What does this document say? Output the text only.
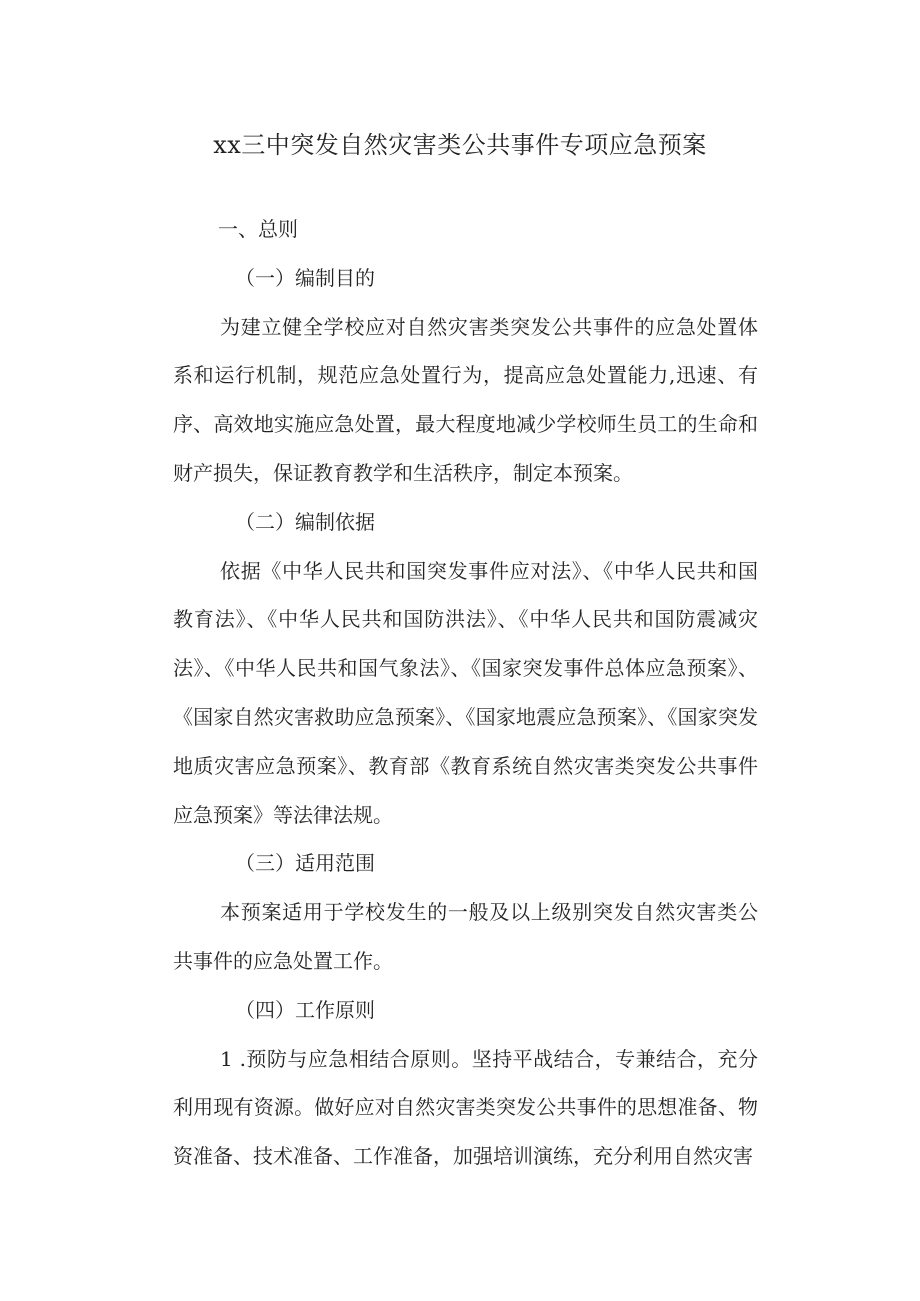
xx三中突发自然灾害类公共事件专项应急预案

一、总则

（一）编制目的

为建立健全学校应对自然灾害类突发公共事件的应急处置体系和运行机制，规范应急处置行为，提高应急处置能力,迅速、有序、高效地实施应急处置，最大程度地减少学校师生员工的生命和财产损失，保证教育教学和生活秩序，制定本预案。

（二）编制依据

依据《中华人民共和国突发事件应对法》、《中华人民共和国教育法》、《中华人民共和国防洪法》、《中华人民共和国防震减灾法》、《中华人民共和国气象法》、《国家突发事件总体应急预案》、《国家自然灾害救助应急预案》、《国家地震应急预案》、《国家突发地质灾害应急预案》、教育部《教育系统自然灾害类突发公共事件应急预案》等法律法规。

（三）适用范围

本预案适用于学校发生的一般及以上级别突发自然灾害类公共事件的应急处置工作。

（四）工作原则

1 .预防与应急相结合原则。坚持平战结合，专兼结合，充分利用现有资源。做好应对自然灾害类突发公共事件的思想准备、物资准备、技术准备、工作准备，加强培训演练，充分利用自然灾害
